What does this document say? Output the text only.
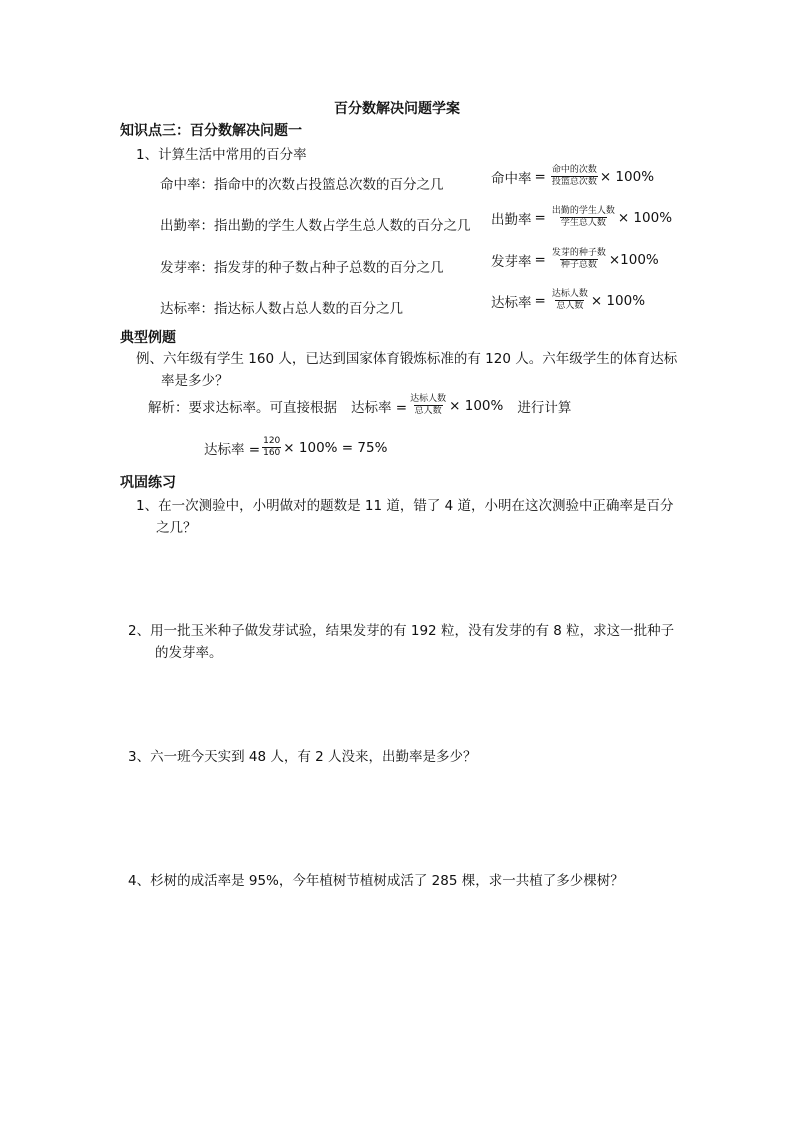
百分数解决问题学案
知识点三：百分数解决问题一
1、计算生活中常用的百分率
命中率：指命中的次数占投篮总次数的百分之几	命中率 = $\frac{\text{命中的次数}}{\text{投篮总次数}} \times 100\%$
出勤率：指出勤的学生人数占学生总人数的百分之几 出勤率 = $\frac{\text{出勤的学生人数}}{\text{学生总人数}} \times 100\%$
发芽率：指发芽的种子数占种子总数的百分之几	发芽率 = $\frac{\text{发芽的种子数}}{\text{种子总数}} \times 100\%$
达标率：指达标人数占总人数的百分之几	达标率 = $\frac{\text{达标人数}}{\text{总人数}} \times 100\%$
典型例题
例、六年级有学生 160 人，已达到国家体育锻炼标准的有 120 人。六年级学生的体育达标
率是多少？
解析：要求达标率。可直接根据 达标率 = $\frac{\text{达标人数}}{\text{总人数}} \times 100\%$ 进行计算
达标率 = $\frac{120}{160} \times 100\% = 75\%$
巩固练习
1、在一次测验中，小明做对的题数是 11 道，错了 4 道，小明在这次测验中正确率是百分
之几？
2、用一批玉米种子做发芽试验，结果发芽的有 192 粒，没有发芽的有 8 粒，求这一批种子
的发芽率。
3、六一班今天实到 48 人，有 2 人没来，出勤率是多少？
4、杉树的成活率是 95%，今年植树节植树成活了 285 棵，求一共植了多少棵树？
